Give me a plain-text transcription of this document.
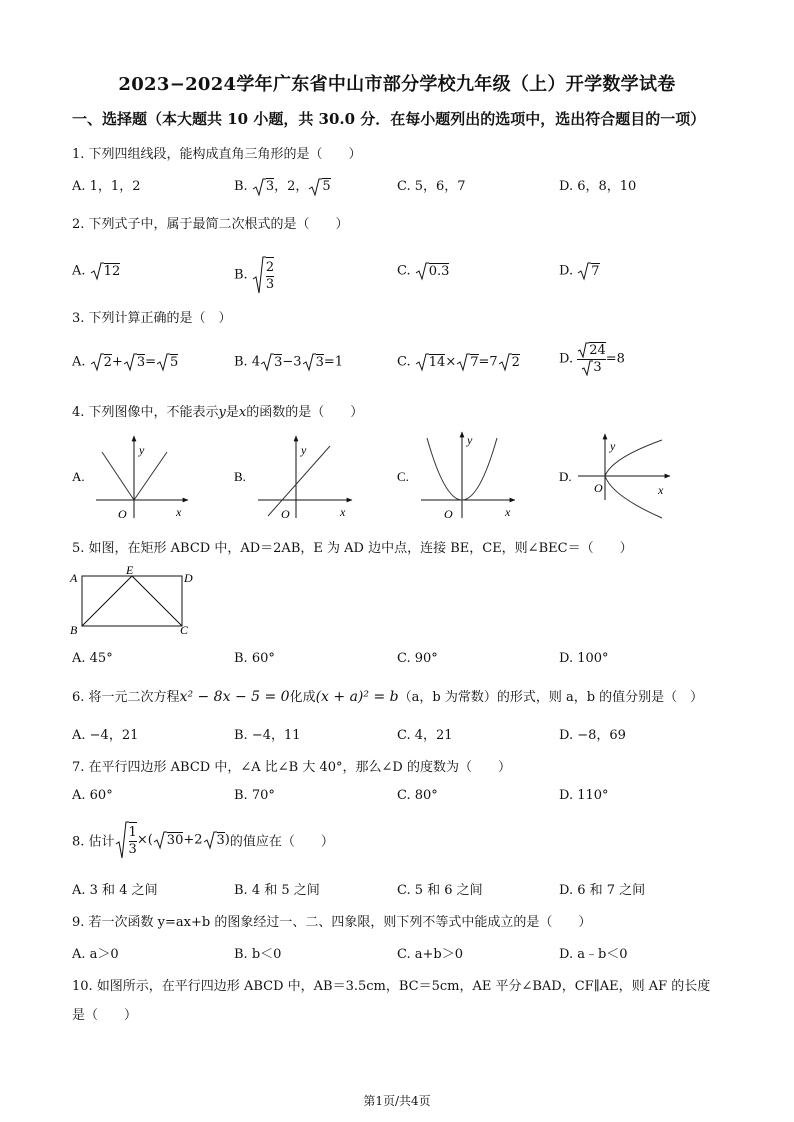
2023−2024学年广东省中山市部分学校九年级（上）开学数学试卷
一、选择题（本大题共 10 小题，共 30.0 分．在每小题列出的选项中，选出符合题目的一项）
1. 下列四组线段，能构成直角三角形的是（　　）
A. 1，1，2	B. 3，2， 5	C. 5，6，7	D. 6，8，10
2. 下列式子中，属于最简二次根式的是（　　）
A. 12	B. $\frac{2}{3}$	C. 0.3	D. 7
3. 下列计算正确的是（　）
A. 2+ 3= 5	B. 4 3−3 3=1	C. 14× 7=7 2	D. $\frac{24}{3} =8$
4. 下列图像中，不能表示y是x的函数的是（　　）
A.
y
x
O
B.
y
x
O
C.
y
x
O
D.
y
x
O
5. 如图，在矩形 ABCD 中，AD＝2AB，E 为 AD 边中点，连接 BE，CE，则∠BEC＝（　　）
A
E
D
B	C
A. 45°	B. 60°	C. 90°	D. 100°
6. 将一元二次方程x² − 8x − 5 = 0化成(x + a)² = b（a，b 为常数）的形式，则 a，b 的值分别是（　）
A. −4，21	B. −4，11	C. 4，21	D. −8，69
7. 在平行四边形 ABCD 中，∠A 比∠B 大 40°，那么∠D 的度数为（　　）
A. 60°	B. 70°	C. 80°	D. 110°
8. 估计 $\frac{1}{3}$ ×( 30+2 3)的值应在（　　）
A. 3 和 4 之间	B. 4 和 5 之间	C. 5 和 6 之间	D. 6 和 7 之间
9. 若一次函数 y=ax+b 的图象经过一、二、四象限，则下列不等式中能成立的是（　　）
A. a＞0	B. b＜0	C. a+b＞0	D. a﹣b＜0
10. 如图所示，在平行四边形 ABCD 中，AB＝3.5cm，BC＝5cm，AE 平分∠BAD，CF∥AE，则 AF 的长度
是（　　）
第1页/共4页
